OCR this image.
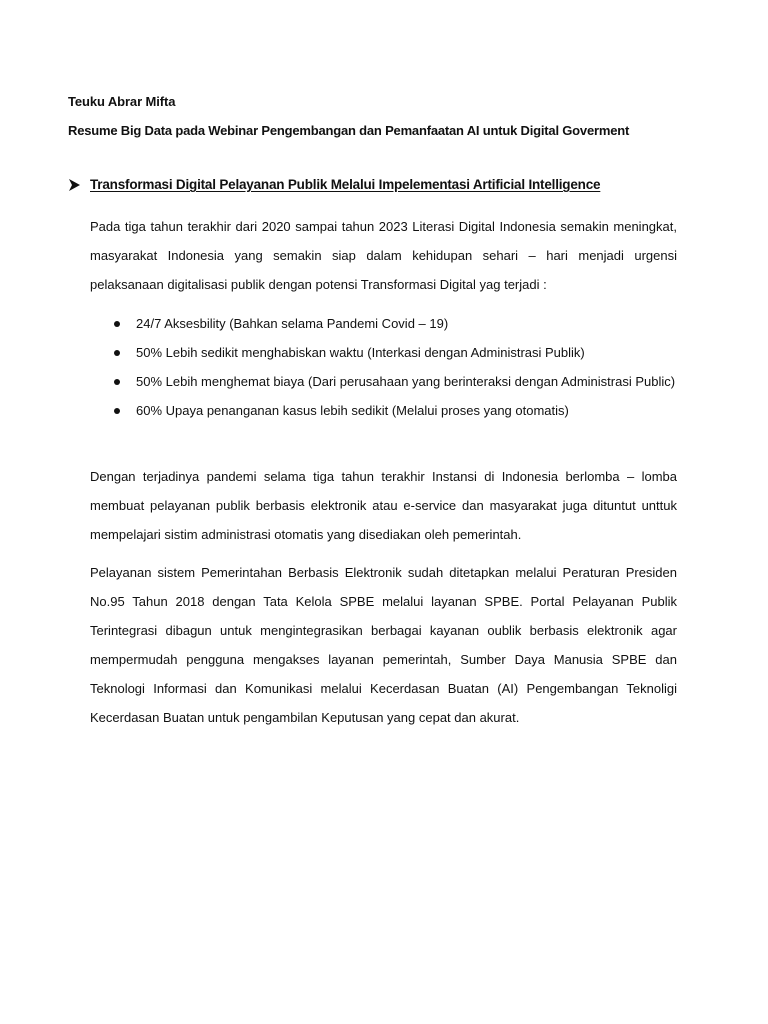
Teuku Abrar Mifta
Resume Big Data pada Webinar Pengembangan dan Pemanfaatan AI untuk Digital Goverment
Transformasi Digital Pelayanan Publik Melalui Impelementasi Artificial Intelligence

Pada tiga tahun terakhir dari 2020 sampai tahun 2023 Literasi Digital Indonesia semakin meningkat, masyarakat Indonesia yang semakin siap dalam kehidupan sehari – hari menjadi urgensi pelaksanaan digitalisasi publik dengan potensi Transformasi Digital yag terjadi :

24/7 Aksesbility (Bahkan selama Pandemi Covid – 19)
50% Lebih sedikit menghabiskan waktu (Interkasi dengan Administrasi Publik)
50% Lebih menghemat biaya (Dari perusahaan yang berinteraksi dengan Administrasi Public)
60% Upaya penanganan kasus lebih sedikit (Melalui proses yang otomatis)

Dengan terjadinya pandemi selama tiga tahun terakhir Instansi di Indonesia berlomba – lomba membuat pelayanan publik berbasis elektronik atau e-service dan masyarakat juga dituntut unttuk mempelajari sistim administrasi otomatis yang disediakan oleh pemerintah.

Pelayanan sistem Pemerintahan Berbasis Elektronik sudah ditetapkan melalui Peraturan Presiden No.95 Tahun 2018 dengan Tata Kelola SPBE melalui layanan SPBE. Portal Pelayanan Publik Terintegrasi dibagun untuk mengintegrasikan berbagai kayanan oublik berbasis elektronik agar mempermudah pengguna mengakses layanan pemerintah, Sumber Daya Manusia SPBE dan Teknologi Informasi dan Komunikasi melalui Kecerdasan Buatan (AI) Pengembangan Teknoligi Kecerdasan Buatan untuk pengambilan Keputusan yang cepat dan akurat.
